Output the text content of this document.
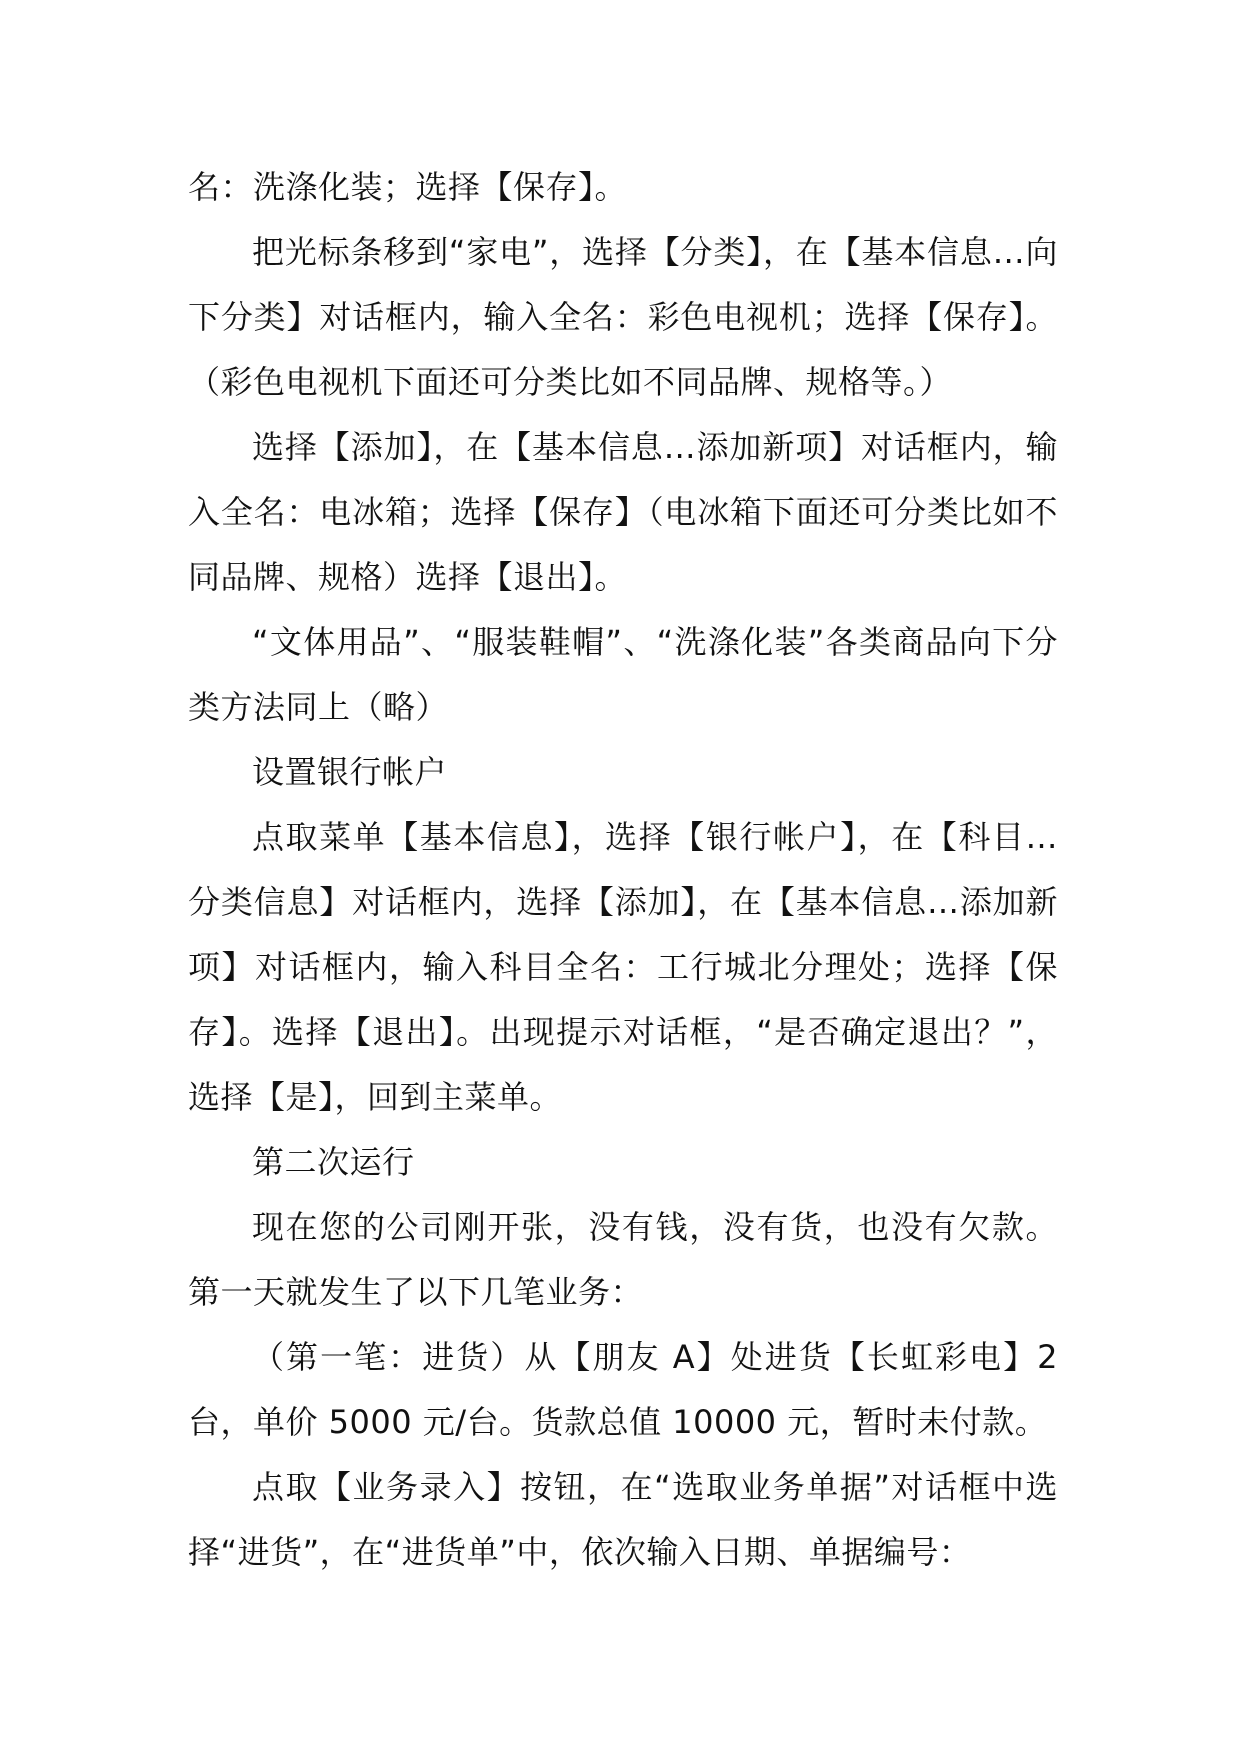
名：洗涤化装；选择【保存】。

把光标条移到“家电”，选择【分类】，在【基本信息…向下分类】对话框内，输入全名：彩色电视机；选择【保存】。（彩色电视机下面还可分类比如不同品牌、规格等。）

选择【添加】，在【基本信息…添加新项】对话框内，输入全名：电冰箱；选择【保存】（电冰箱下面还可分类比如不同品牌、规格）选择【退出】。

“文体用品”、“服装鞋帽”、“洗涤化装”各类商品向下分类方法同上（略）

设置银行帐户

点取菜单【基本信息】，选择【银行帐户】，在【科目…分类信息】对话框内，选择【添加】，在【基本信息…添加新项】对话框内，输入科目全名：工行城北分理处；选择【保存】。选择【退出】。出现提示对话框，“是否确定退出？”，选择【是】，回到主菜单。

第二次运行

现在您的公司刚开张，没有钱，没有货，也没有欠款。第一天就发生了以下几笔业务：

（第一笔：进货）从【朋友 A】处进货【长虹彩电】2 台，单价 5000 元/台。货款总值 10000 元，暂时未付款。

点取【业务录入】按钮，在“选取业务单据”对话框中选择“进货”，在“进货单”中，依次输入日期、单据编号：
